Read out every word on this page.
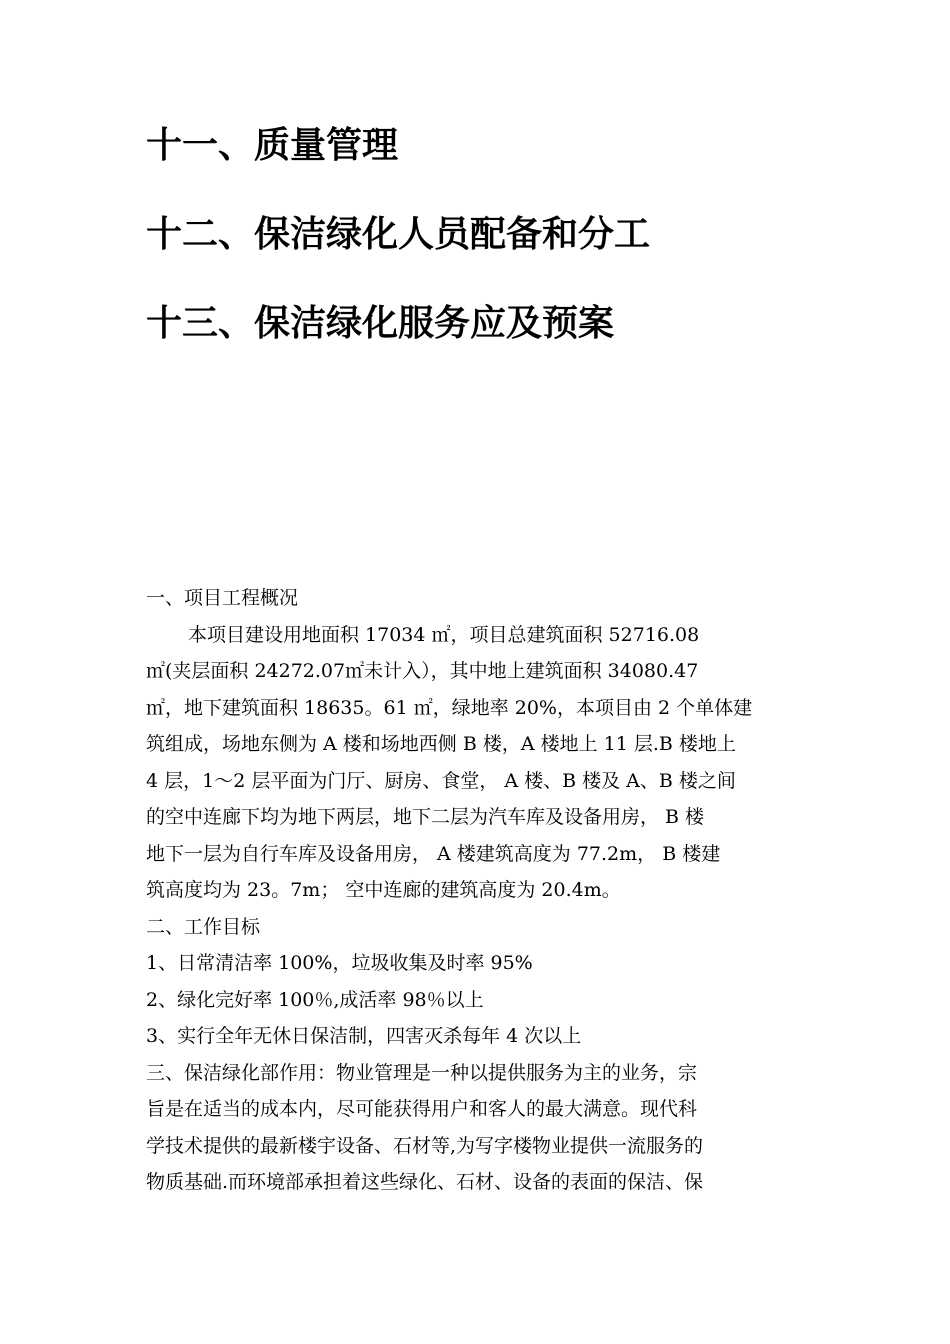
十一、质量管理
十二、保洁绿化人员配备和分工
十三、保洁绿化服务应及预案
一、项目工程概况
本项目建设用地面积 17034 ㎡，项目总建筑面积 52716.08
㎡(夹层面积 24272.07㎡未计入），其中地上建筑面积 34080.47
㎡，地下建筑面积 18635。61 ㎡，绿地率 20%，本项目由 2 个单体建
筑组成，场地东侧为 A 楼和场地西侧 B 楼，A 楼地上 11 层.B 楼地上
4 层，1～2 层平面为门厅、厨房、食堂， A 楼、B 楼及 A、B 楼之间
的空中连廊下均为地下两层，地下二层为汽车库及设备用房， B 楼
地下一层为自行车库及设备用房， A 楼建筑高度为 77.2m， B 楼建
筑高度均为 23。7m； 空中连廊的建筑高度为 20.4m。
二、工作目标
1、日常清洁率 100%，垃圾收集及时率 95%
2、绿化完好率 100％,成活率 98％以上
3、实行全年无休日保洁制，四害灭杀每年 4 次以上
三、保洁绿化部作用：物业管理是一种以提供服务为主的业务，宗
旨是在适当的成本内，尽可能获得用户和客人的最大满意。现代科
学技术提供的最新楼宇设备、石材等,为写字楼物业提供一流服务的
物质基础.而环境部承担着这些绿化、石材、设备的表面的保洁、保
